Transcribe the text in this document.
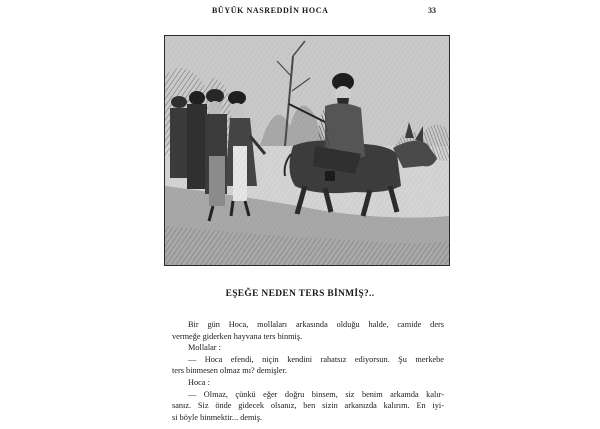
BÜYÜK NASREDDİN HOCA	33
EŞEĞE NEDEN TERS BİNMİŞ?..
Bir gün Hoca, mollaları arkasında olduğu halde, camide ders
vermeğe giderken hayvana ters binmiş.
Mollalar :
— Hoca efendi, niçin kendini rahatsız ediyorsun. Şu merkebe
ters binmesen olmaz mı? demişler.
Hoca :
— Olmaz, çünkü eğer doğru binsem, siz benim arkamda kalır-
sanız. Siz önde gidecek olsanız, ben sizin arkanızda kalırım. En iyi-
si böyle binmektir... demiş.
